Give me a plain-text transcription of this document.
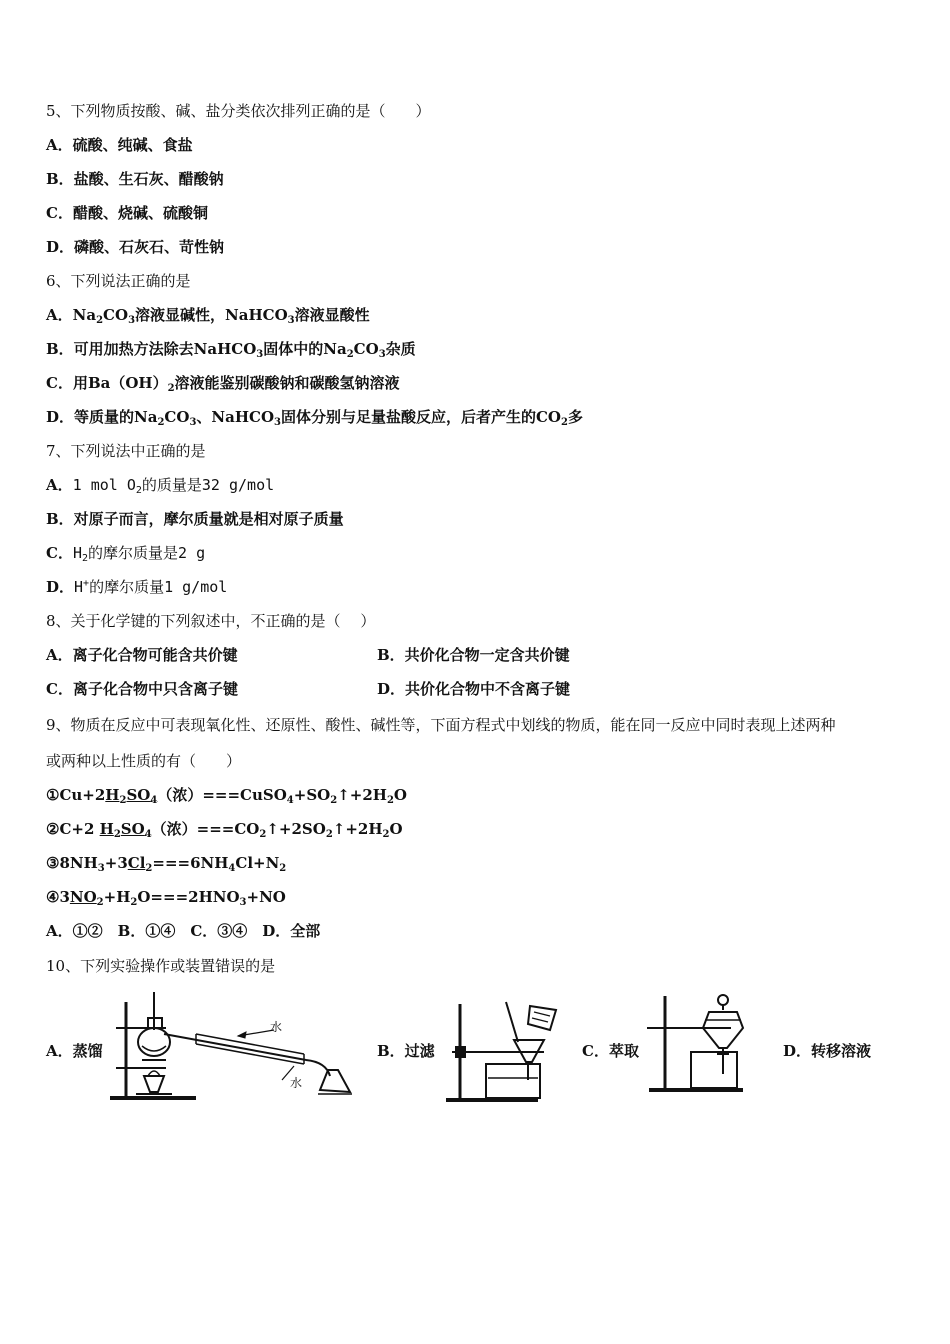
5、下列物质按酸、碱、盐分类依次排列正确的是（　　）
A．硫酸、纯碱、食盐
B．盐酸、生石灰、醋酸钠
C．醋酸、烧碱、硫酸铜
D．磷酸、石灰石、苛性钠
6、下列说法正确的是
A．$Na_2CO_3$溶液显碱性，NaHCO$_3$溶液显酸性
B．可用加热方法除去NaHCO$_3$固体中的$Na_2CO_3$杂质
C．用$Ba(OH)_2$溶液能鉴别碳酸钠和碳酸氢钠溶液
D．等质量的$Na_2CO_3$、NaHCO$_3$固体分别与足量盐酸反应，后者产生的$CO_2$多
7、下列说法中正确的是
A．1 mol $O_2$的质量是32 g/mol
B．对原子而言，摩尔质量就是相对原子质量
C．$H_2$的摩尔质量是2 g
D．H+的摩尔质量1 g/mol
8、关于化学键的下列叙述中，不正确的是（　 ）
A．离子化合物可能含共价键	B．共价化合物一定含共价键
C．离子化合物中只含离子键	D．共价化合物中不含离子键
9、物质在反应中可表现氧化性、还原性、酸性、碱性等，下面方程式中划线的物质，能在同一反应中同时表现上述两种
或两种以上性质的有（　　）
$①Cu+2H_2SO_4$（浓）$===CuSO_4+SO_2↑+2H_2O$
②C+2 $H_2SO_4$（浓）$===CO_2↑+2SO_2↑+2H_2O$
$③8NH_3+3Cl_2===6NH_4Cl+N_2$
$④3NO_2+H_2O===2HNO_3+NO$
A．①②　B．①④　C．③④　D．全部
10、下列实验操作或装置错误的是
A．蒸馏	B．过滤	C．萃取	D．转移溶液
水
水
